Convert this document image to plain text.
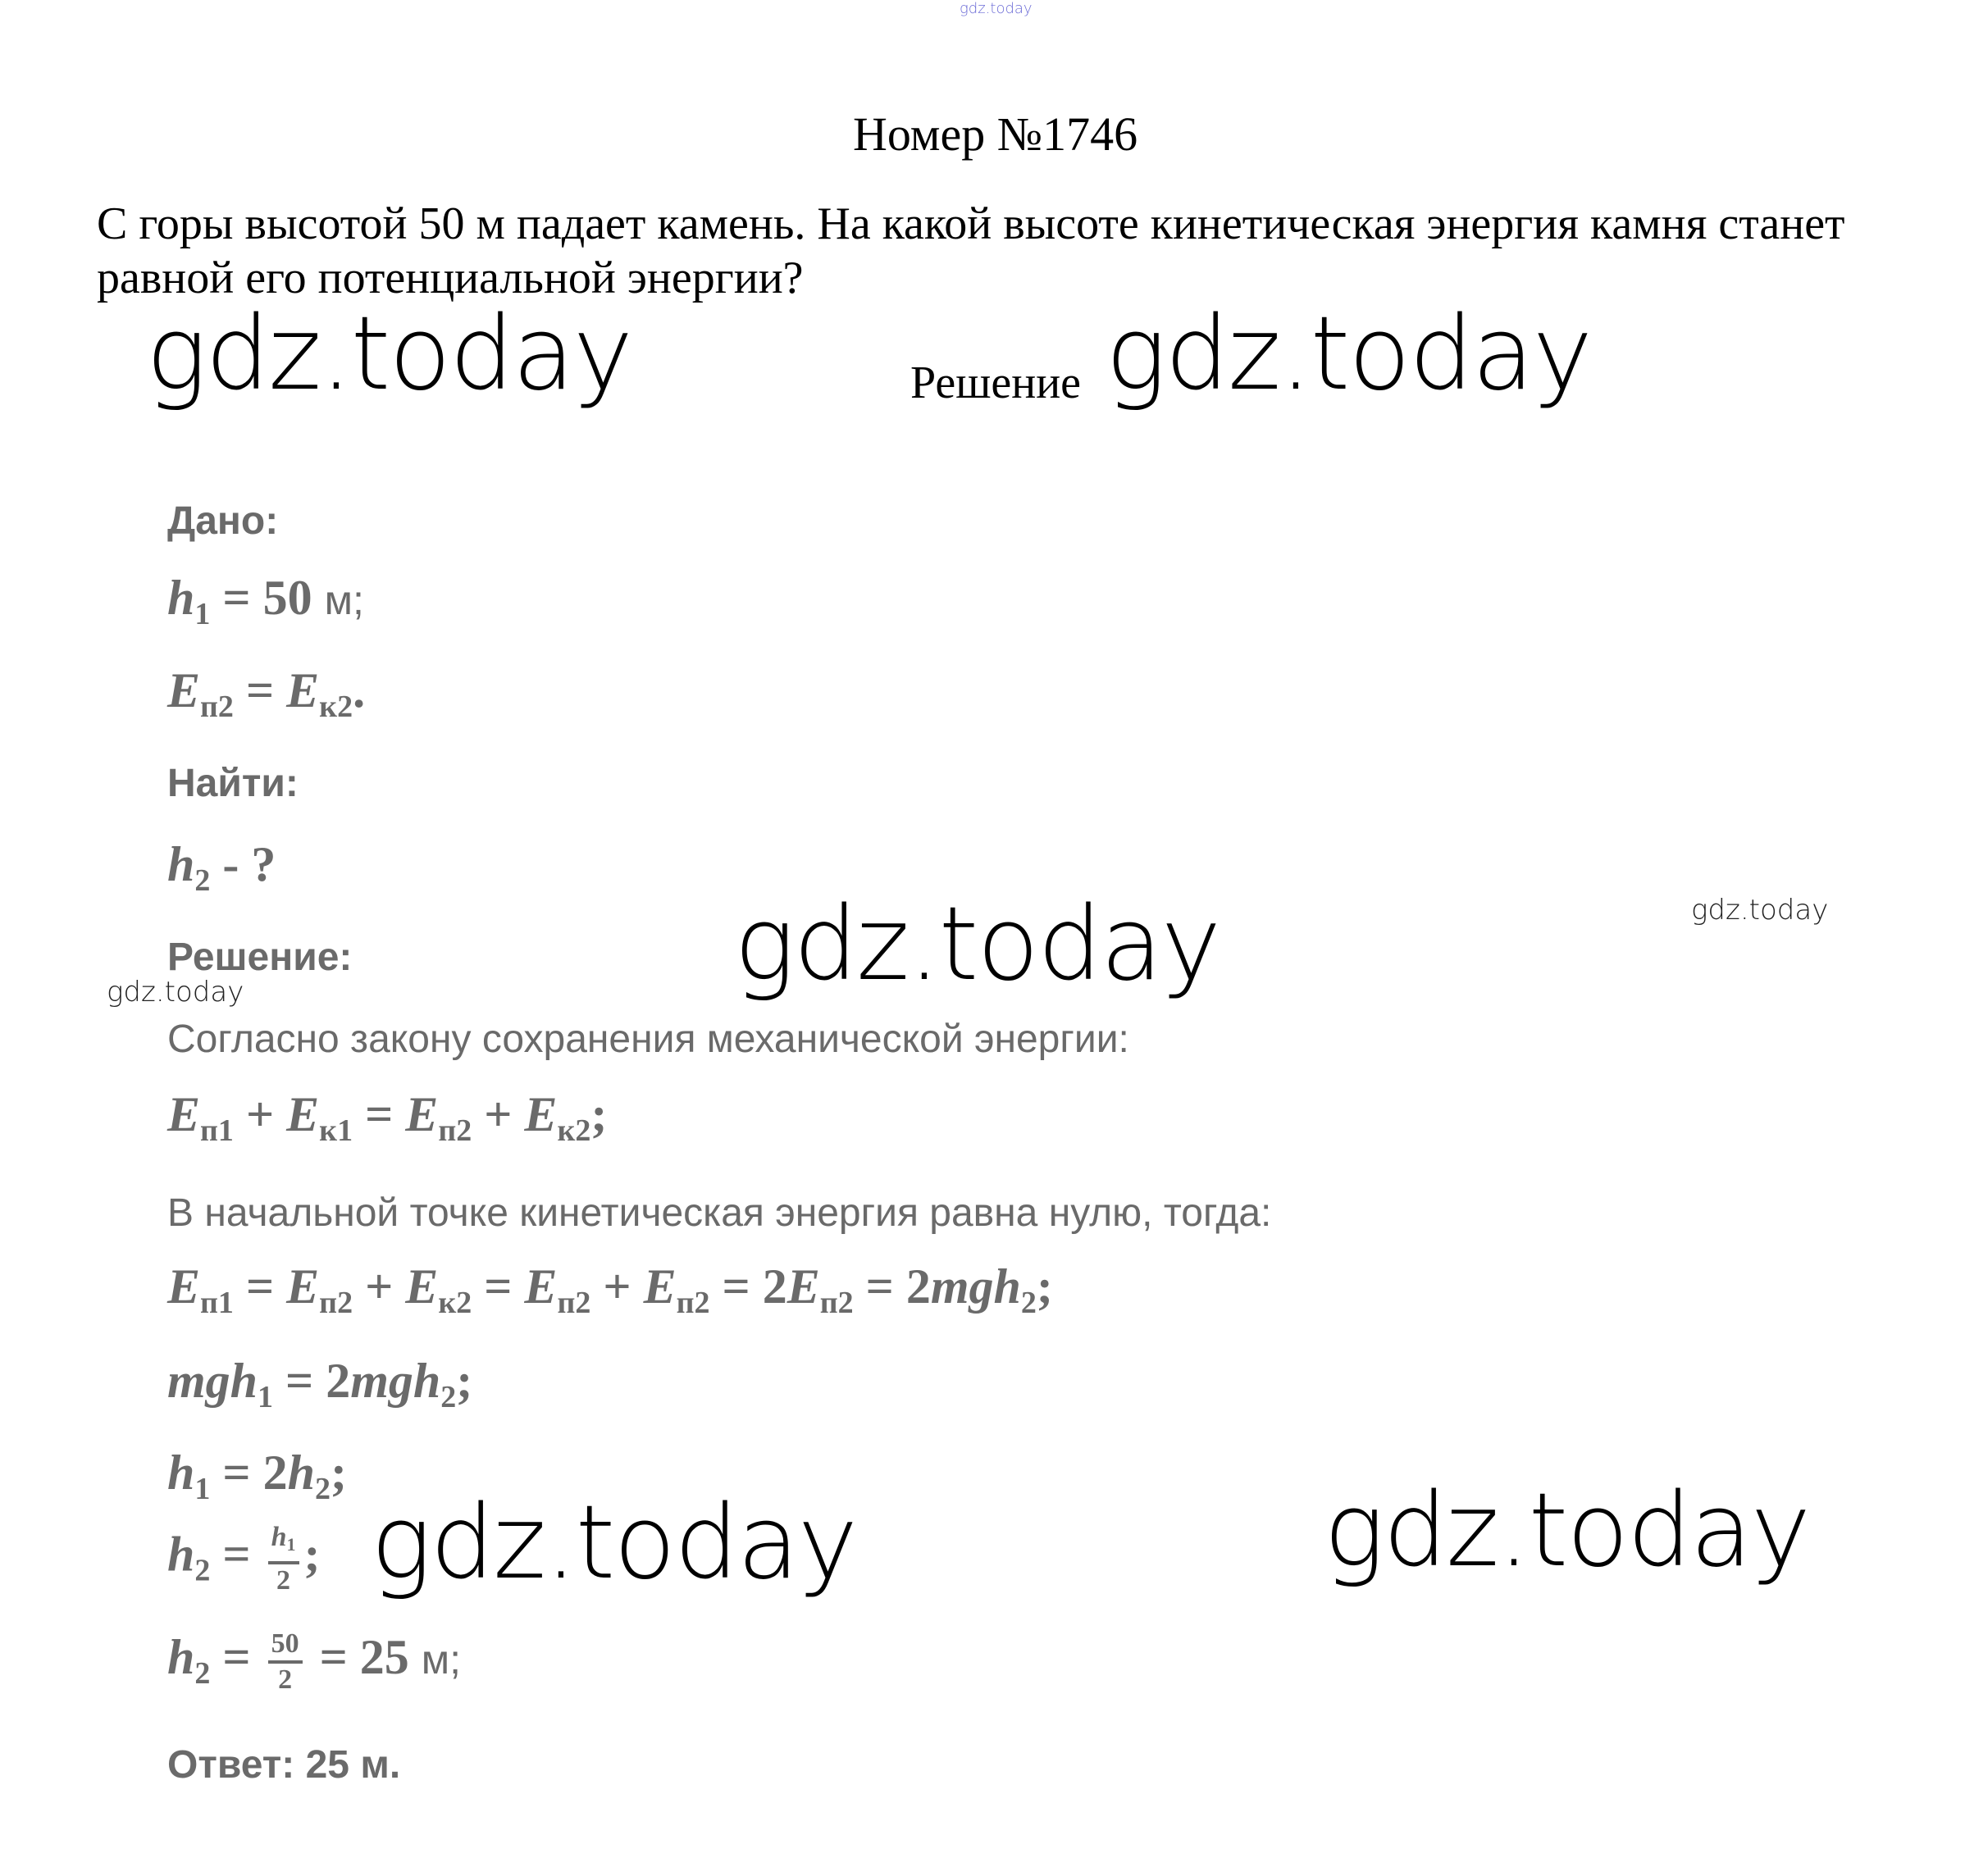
gdz.today
Номер №1746
С горы высотой 50 м падает камень. На какой высоте кинетическая энергия камня станет равной его потенциальной энергии?
gdz.today	Решение gdz.today
Дано:
$h_1 = 50$ м;
$E_{п2} = E_{к2}$.
Найти:
$h_2$ - ?
Решение:	gdz.today	gdz.today
gdz.today
Согласно закону сохранения механической энергии:
$E_{п1} + E_{к1} = E_{п2} + E_{к2}$;
В начальной точке кинетическая энергия равна нулю, тогда:
$E_{п1} = E_{п2} + E_{к2} = E_{п2} + E_{п2} = 2E_{п2} = 2mgh_2$;
mgh$_1$ = 2mgh$_2$;
$h_1 = 2h_2$;
$h_2 = \frac{h_1}{2}$ ; gdz.today	gdz.today
$h_2 = \frac{50}{2} = 25$ м;
Ответ: 25 м.
